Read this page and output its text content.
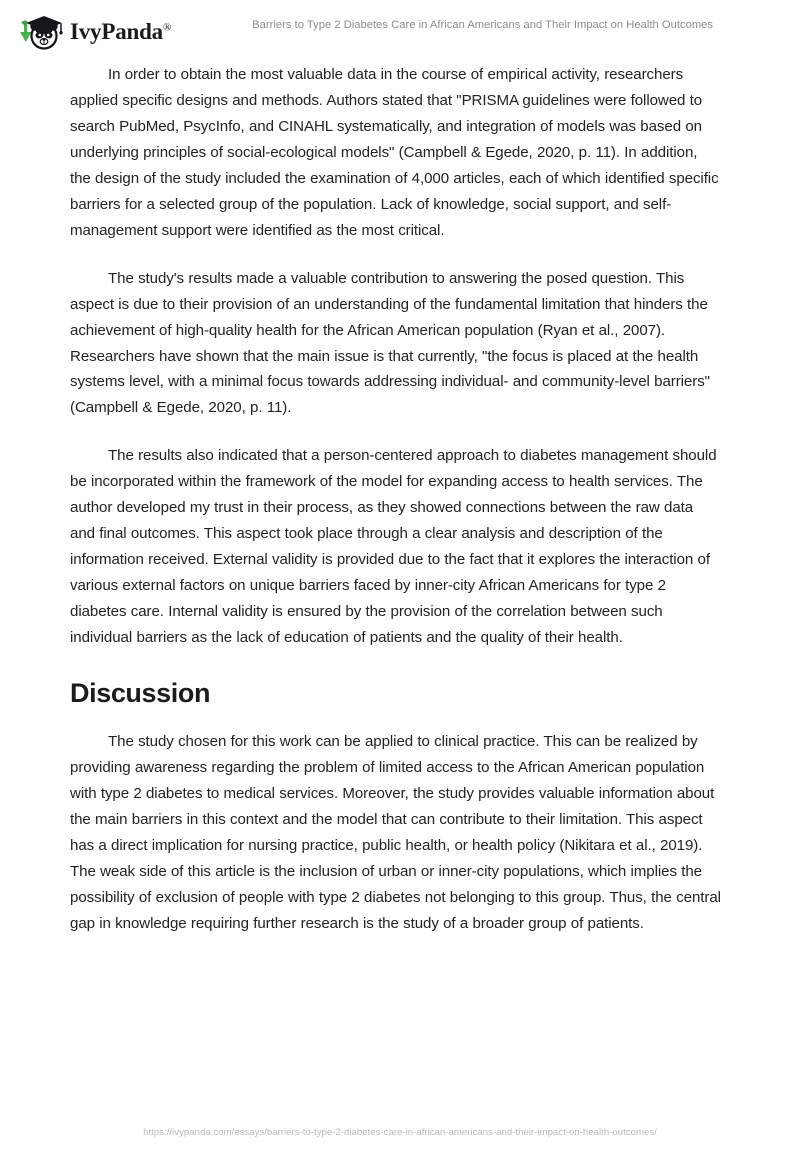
IvyPanda®	Barriers to Type 2 Diabetes Care in African Americans and Their Impact on Health Outcomes

In order to obtain the most valuable data in the course of empirical activity, researchers applied specific designs and methods. Authors stated that "PRISMA guidelines were followed to search PubMed, PsycInfo, and CINAHL systematically, and integration of models was based on underlying principles of social-ecological models" (Campbell & Egede, 2020, p. 11). In addition, the design of the study included the examination of 4,000 articles, each of which identified specific barriers for a selected group of the population. Lack of knowledge, social support, and self-management support were identified as the most critical.

The study's results made a valuable contribution to answering the posed question. This aspect is due to their provision of an understanding of the fundamental limitation that hinders the achievement of high-quality health for the African American population (Ryan et al., 2007). Researchers have shown that the main issue is that currently, "the focus is placed at the health systems level, with a minimal focus towards addressing individual- and community-level barriers" (Campbell & Egede, 2020, p. 11).

The results also indicated that a person-centered approach to diabetes management should be incorporated within the framework of the model for expanding access to health services. The author developed my trust in their process, as they showed connections between the raw data and final outcomes. This aspect took place through a clear analysis and description of the information received. External validity is provided due to the fact that it explores the interaction of various external factors on unique barriers faced by inner-city African Americans for type 2 diabetes care. Internal validity is ensured by the provision of the correlation between such individual barriers as the lack of education of patients and the quality of their health.

Discussion

The study chosen for this work can be applied to clinical practice. This can be realized by providing awareness regarding the problem of limited access to the African American population with type 2 diabetes to medical services. Moreover, the study provides valuable information about the main barriers in this context and the model that can contribute to their limitation. This aspect has a direct implication for nursing practice, public health, or health policy (Nikitara et al., 2019). The weak side of this article is the inclusion of urban or inner-city populations, which implies the possibility of exclusion of people with type 2 diabetes not belonging to this group. Thus, the central gap in knowledge requiring further research is the study of a broader group of patients.

https://ivypanda.com/essays/barriers-to-type-2-diabetes-care-in-african-americans-and-their-impact-on-health-outcomes/
